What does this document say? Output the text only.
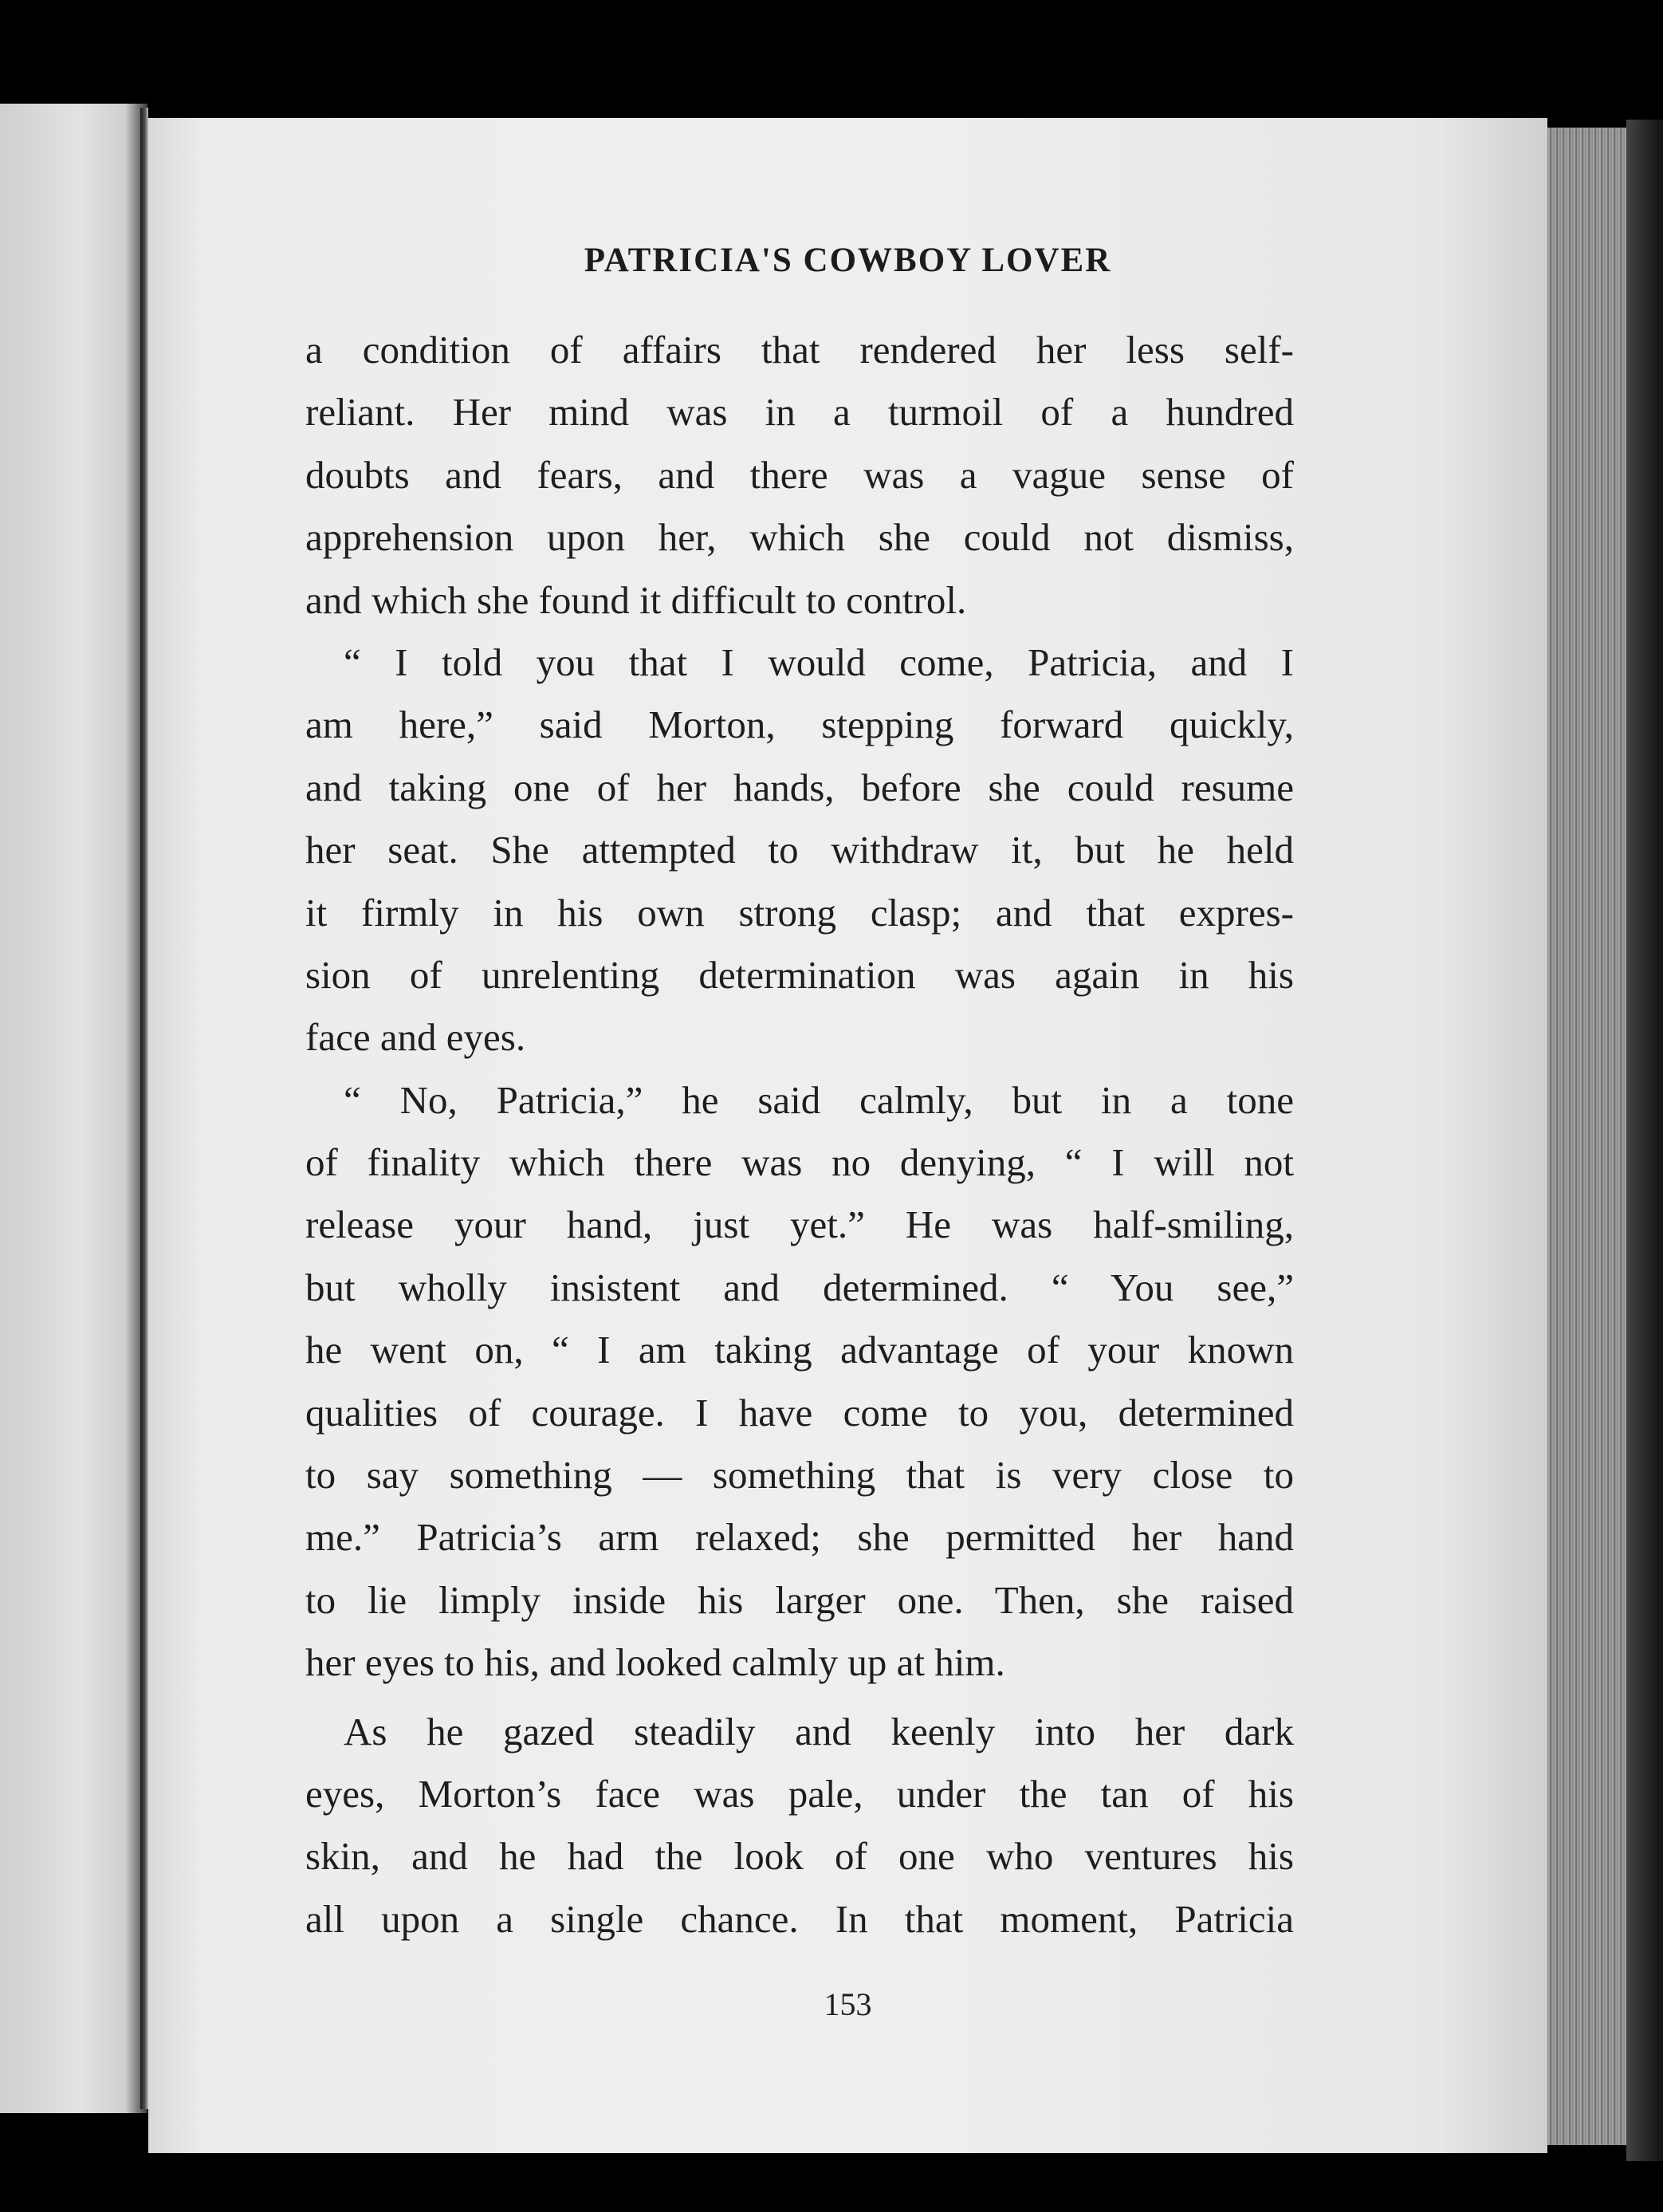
PATRICIA'S COWBOY LOVER
a condition of affairs that rendered her less self-
reliant. Her mind was in a turmoil of a hundred
doubts and fears, and there was a vague sense of
apprehension upon her, which she could not dismiss,
and which she found it difficult to control.
“ I told you that I would come, Patricia, and I
am here,” said Morton, stepping forward quickly,
and taking one of her hands, before she could resume
her seat. She attempted to withdraw it, but he held
it firmly in his own strong clasp; and that expres-
sion of unrelenting determination was again in his
face and eyes.
“ No, Patricia,” he said calmly, but in a tone
of finality which there was no denying, “ I will not
release your hand, just yet.” He was half-smiling,
but wholly insistent and determined. “ You see,”
he went on, “ I am taking advantage of your known
qualities of courage. I have come to you, determined
to say something — something that is very close to
me.” Patricia’s arm relaxed; she permitted her hand
to lie limply inside his larger one. Then, she raised
her eyes to his, and looked calmly up at him.
As he gazed steadily and keenly into her dark
eyes, Morton’s face was pale, under the tan of his
skin, and he had the look of one who ventures his
all upon a single chance. In that moment, Patricia

153
